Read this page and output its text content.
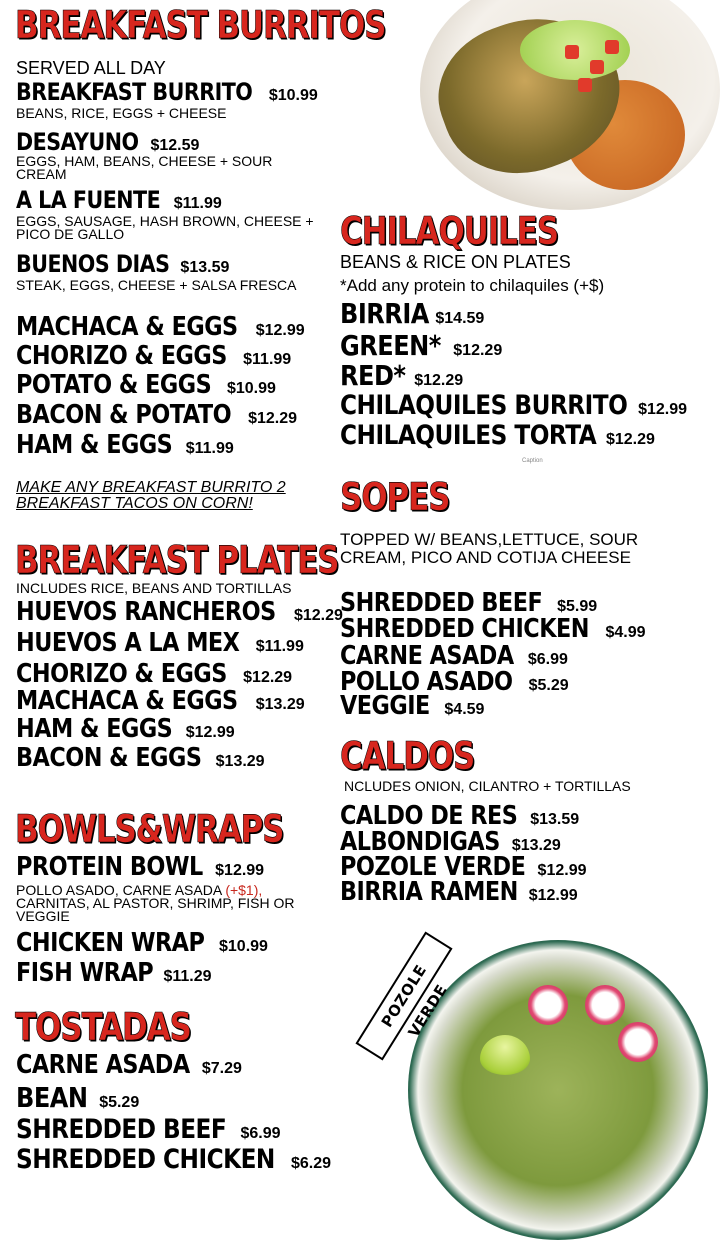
POZOLE VERDE
BREAKFAST BURRITOS
SERVED ALL DAY
BREAKFAST BURRITO $10.99
BEANS, RICE, EGGS + CHEESE
DESAYUNO $12.59
EGGS, HAM, BEANS, CHEESE + SOUR CREAM
A LA FUENTE $11.99
EGGS, SAUSAGE, HASH BROWN, CHEESE + PICO DE GALLO
BUENOS DIAS $13.59
STEAK, EGGS, CHEESE + SALSA FRESCA
MACHACA & EGGS $12.99
CHORIZO & EGGS $11.99
POTATO & EGGS $10.99
BACON & POTATO $12.29
HAM & EGGS $11.99
MAKE ANY BREAKFAST BURRITO 2
BREAKFAST TACOS ON CORN!
BREAKFAST PLATES
INCLUDES RICE, BEANS AND TORTILLAS
HUEVOS RANCHEROS $12.29
HUEVOS A LA MEX $11.99
CHORIZO & EGGS $12.29
MACHACA & EGGS $13.29
HAM & EGGS $12.99
BACON & EGGS $13.29
BOWLS&WRAPS
PROTEIN BOWL $12.99
POLLO ASADO, CARNE ASADA (+$1), CARNITAS, AL PASTOR, SHRIMP, FISH OR VEGGIE
CHICKEN WRAP $10.99
FISH WRAP $11.29
TOSTADAS
CARNE ASADA $7.29
BEAN $5.29
SHREDDED BEEF $6.99
SHREDDED CHICKEN $6.29
CHILAQUILES
BEANS & RICE ON PLATES
*Add any protein to chilaquiles (+$)
BIRRIA $14.59
GREEN* $12.29
RED* $12.29
CHILAQUILES BURRITO $12.99
CHILAQUILES TORTA $12.29
Caption
SOPES
TOPPED W/ BEANS,LETTUCE, SOUR CREAM, PICO AND COTIJA CHEESE
SHREDDED BEEF $5.99
SHREDDED CHICKEN $4.99
CARNE ASADA $6.99
POLLO ASADO $5.29
VEGGIE $4.59
CALDOS
NCLUDES ONION, CILANTRO + TORTILLAS
CALDO DE RES $13.59
ALBONDIGAS $13.29
POZOLE VERDE $12.99
BIRRIA RAMEN $12.99
